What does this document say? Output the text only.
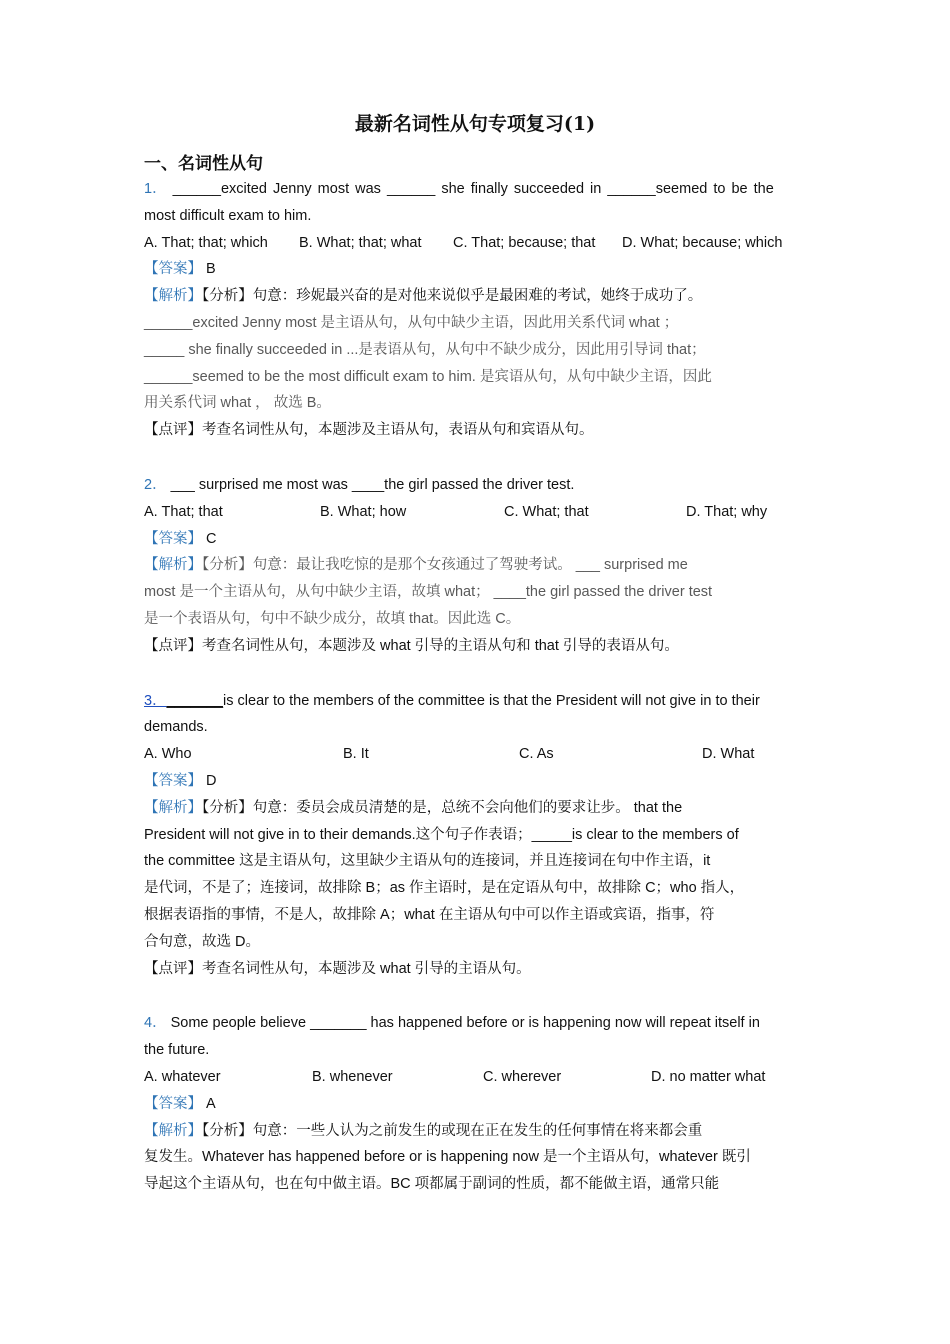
最新名词性从句专项复习(1)

一、名词性从句

1． ______excited Jenny most was ______ she finally succeeded in ______seemed to be the

most difficult exam to him.

A. That; that; which	B. What; that; what	C. That; because; that	D. What; because; which

【答案】 B

【解析】【分析】句意：珍妮最兴奋的是对他来说似乎是最困难的考试，她终于成功了。

______excited Jenny most 是主语从句，从句中缺少主语，因此用关系代词 what ；

_____ she finally succeeded in ...是表语从句，从句中不缺少成分，因此用引导词 that；

______seemed to be the most difficult exam to him. 是宾语从句，从句中缺少主语，因此

用关系代词 what ， 故选 B。

【点评】考查名词性从句，本题涉及主语从句，表语从句和宾语从句。

2． ___ surprised me most was ____the girl passed the driver test.

A. That; that	B. What; how	C. What; that	D. That; why

【答案】 C

【解析】【分析】句意：最让我吃惊的是那个女孩通过了驾驶考试。 ___ surprised me

most 是一个主语从句，从句中缺少主语，故填 what； ____the girl passed the driver test

是一个表语从句，句中不缺少成分，故填 that。因此选 C。

【点评】考查名词性从句，本题涉及 what 引导的主语从句和 that 引导的表语从句。

3．_______is clear to the members of the committee is that the President will not give in to their

demands.

A. Who	B. It	C. As	D. What

【答案】 D

【解析】【分析】句意：委员会成员清楚的是，总统不会向他们的要求让步。 that the

President will not give in to their demands.这个句子作表语；_____is clear to the members of

the committee 这是主语从句，这里缺少主语从句的连接词，并且连接词在句中作主语，it

是代词，不是了；连接词，故排除 B；as 作主语时，是在定语从句中，故排除 C；who 指人，

根据表语指的事情，不是人，故排除 A；what 在主语从句中可以作主语或宾语，指事，符

合句意，故选 D。

【点评】考查名词性从句，本题涉及 what 引导的主语从句。

4． Some people believe _______ has happened before or is happening now will repeat itself in

the future.

A. whatever	B. whenever	C. wherever	D. no matter what

【答案】 A

【解析】【分析】句意：一些人认为之前发生的或现在正在发生的任何事情在将来都会重

复发生。Whatever has happened before or is happening now 是一个主语从句，whatever 既引

导起这个主语从句，也在句中做主语。BC 项都属于副词的性质，都不能做主语，通常只能
